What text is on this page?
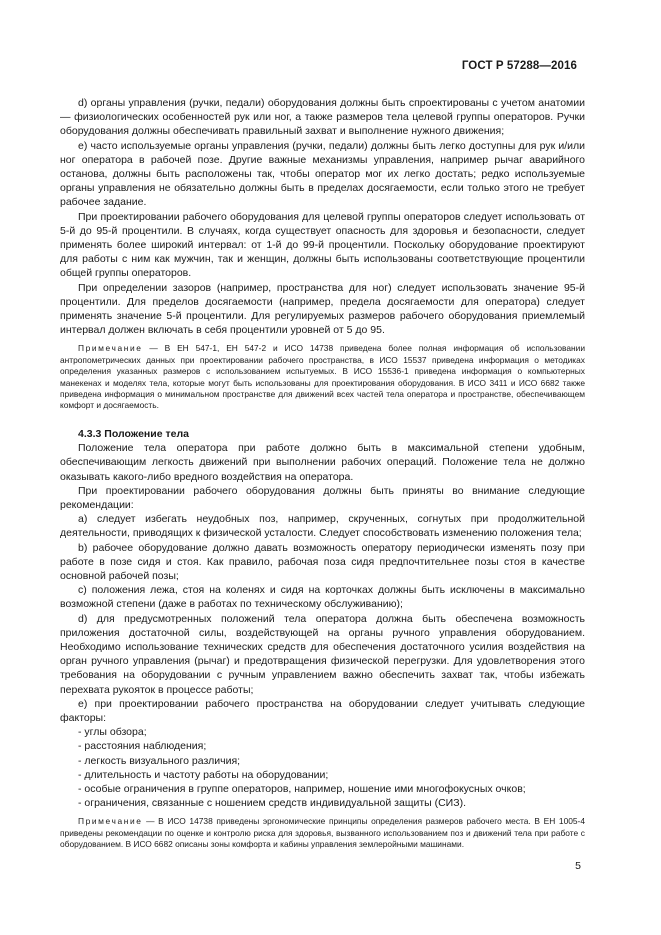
ГОСТ Р 57288—2016

d) органы управления (ручки, педали) оборудования должны быть спроектированы с учетом анатомии — физиологических особенностей рук или ног, а также размеров тела целевой группы операторов. Ручки оборудования должны обеспечивать правильный захват и выполнение нужного движения;

e) часто используемые органы управления (ручки, педали) должны быть легко доступны для рук и/или ног оператора в рабочей позе. Другие важные механизмы управления, например рычаг аварийного останова, должны быть расположены так, чтобы оператор мог их легко достать; редко используемые органы управления не обязательно должны быть в пределах досягаемости, если только этого не требует рабочее задание.

При проектировании рабочего оборудования для целевой группы операторов следует использовать от 5-й до 95-й процентили. В случаях, когда существует опасность для здоровья и безопасности, следует применять более широкий интервал: от 1-й до 99-й процентили. Поскольку оборудование проектируют для работы с ним как мужчин, так и женщин, должны быть использованы соответствующие процентили общей группы операторов.

При определении зазоров (например, пространства для ног) следует использовать значение 95-й процентили. Для пределов досягаемости (например, предела досягаемости для оператора) следует применять значение 5-й процентили. Для регулируемых размеров рабочего оборудования приемлемый интервал должен включать в себя процентили уровней от 5 до 95.

Примечание — В ЕН 547-1, ЕН 547-2 и ИСО 14738 приведена более полная информация об использовании антропометрических данных при проектировании рабочего пространства, в ИСО 15537 приведена информация о методиках определения указанных размеров с использованием испытуемых. В ИСО 15536-1 приведена информация о компьютерных манекенах и моделях тела, которые могут быть использованы для проектирования оборудования. В ИСО 3411 и ИСО 6682 также приведена информация о минимальном пространстве для движений всех частей тела оператора и пространстве, обеспечивающем комфорт и досягаемость.

4.3.3 Положение тела

Положение тела оператора при работе должно быть в максимальной степени удобным, обеспечивающим легкость движений при выполнении рабочих операций. Положение тела не должно оказывать какого-либо вредного воздействия на оператора.

При проектировании рабочего оборудования должны быть приняты во внимание следующие рекомендации:

а) следует избегать неудобных поз, например, скрученных, согнутых при продолжительной деятельности, приводящих к физической усталости. Следует способствовать изменению положения тела;

b) рабочее оборудование должно давать возможность оператору периодически изменять позу при работе в позе сидя и стоя. Как правило, рабочая поза сидя предпочтительнее позы стоя в качестве основной рабочей позы;

c) положения лежа, стоя на коленях и сидя на корточках должны быть исключены в максимально возможной степени (даже в работах по техническому обслуживанию);

d) для предусмотренных положений тела оператора должна быть обеспечена возможность приложения достаточной силы, воздействующей на органы ручного управления оборудованием. Необходимо использование технических средств для обеспечения достаточного усилия воздействия на орган ручного управления (рычаг) и предотвращения физической перегрузки. Для удовлетворения этого требования на оборудовании с ручным управлением важно обеспечить захват так, чтобы избежать перехвата рукояток в процессе работы;

e) при проектировании рабочего пространства на оборудовании следует учитывать следующие факторы:

- углы обзора;

- расстояния наблюдения;

- легкость визуального различия;

- длительность и частоту работы на оборудовании;

- особые ограничения в группе операторов, например, ношение ими многофокусных очков;

- ограничения, связанные с ношением средств индивидуальной защиты (СИЗ).

Примечание — В ИСО 14738 приведены эргономические принципы определения размеров рабочего места. В ЕН 1005-4 приведены рекомендации по оценке и контролю риска для здоровья, вызванного использованием поз и движений тела при работе с оборудованием. В ИСО 6682 описаны зоны комфорта и кабины управления землеройными машинами.

5
